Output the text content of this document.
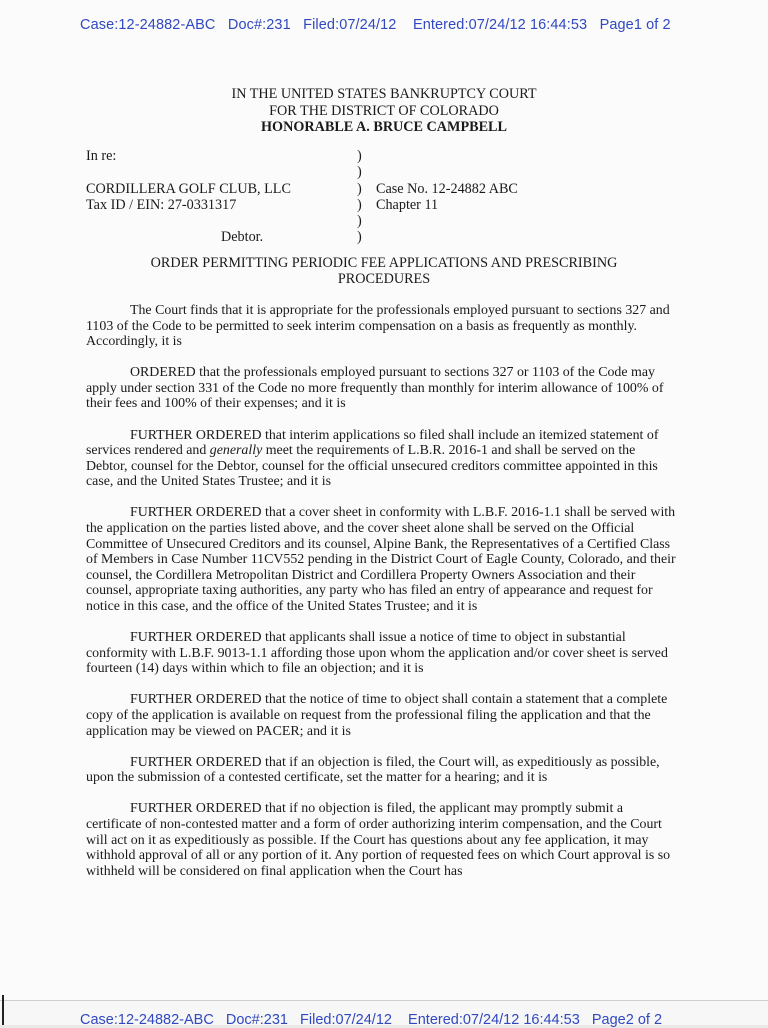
Case:12-24882-ABC   Doc#:231   Filed:07/24/12    Entered:07/24/12 16:44:53   Page1 of 2
IN THE UNITED STATES BANKRUPTCY COURT
FOR THE DISTRICT OF COLORADO
HONORABLE A. BRUCE CAMPBELL
In re:	)
)
CORDILLERA GOLF CLUB, LLC	) Case No. 12-24882 ABC
Tax ID / EIN: 27-0331317	) Chapter 11
)
Debtor.	)
ORDER PERMITTING PERIODIC FEE APPLICATIONS AND PRESCRIBING
PROCEDURES

The Court finds that it is appropriate for the professionals employed pursuant to sections 327 and 1103 of the Code to be permitted to seek interim compensation on a basis as frequently as monthly. Accordingly, it is

ORDERED that the professionals employed pursuant to sections 327 or 1103 of the Code may apply under section 331 of the Code no more frequently than monthly for interim allowance of 100% of their fees and 100% of their expenses; and it is

FURTHER ORDERED that interim applications so filed shall include an itemized statement of services rendered and generally meet the requirements of L.B.R. 2016-1 and shall be served on the Debtor, counsel for the Debtor, counsel for the official unsecured creditors committee appointed in this case, and the United States Trustee; and it is

FURTHER ORDERED that a cover sheet in conformity with L.B.F. 2016-1.1 shall be served with the application on the parties listed above, and the cover sheet alone shall be served on the Official Committee of Unsecured Creditors and its counsel, Alpine Bank, the Representatives of a Certified Class of Members in Case Number 11CV552 pending in the District Court of Eagle County, Colorado, and their counsel, the Cordillera Metropolitan District and Cordillera Property Owners Association and their counsel, appropriate taxing authorities, any party who has filed an entry of appearance and request for notice in this case, and the office of the United States Trustee; and it is

FURTHER ORDERED that applicants shall issue a notice of time to object in substantial conformity with L.B.F. 9013-1.1 affording those upon whom the application and/or cover sheet is served fourteen (14) days within which to file an objection; and it is

FURTHER ORDERED that the notice of time to object shall contain a statement that a complete copy of the application is available on request from the professional filing the application and that the application may be viewed on PACER; and it is

FURTHER ORDERED that if an objection is filed, the Court will, as expeditiously as possible, upon the submission of a contested certificate, set the matter for a hearing; and it is

FURTHER ORDERED that if no objection is filed, the applicant may promptly submit a certificate of non-contested matter and a form of order authorizing interim compensation, and the Court will act on it as expeditiously as possible. If the Court has questions about any fee application, it may withhold approval of all or any portion of it. Any portion of requested fees on which Court approval is so withheld will be considered on final application when the Court has

Case:12-24882-ABC   Doc#:231   Filed:07/24/12    Entered:07/24/12 16:44:53   Page2 of 2
